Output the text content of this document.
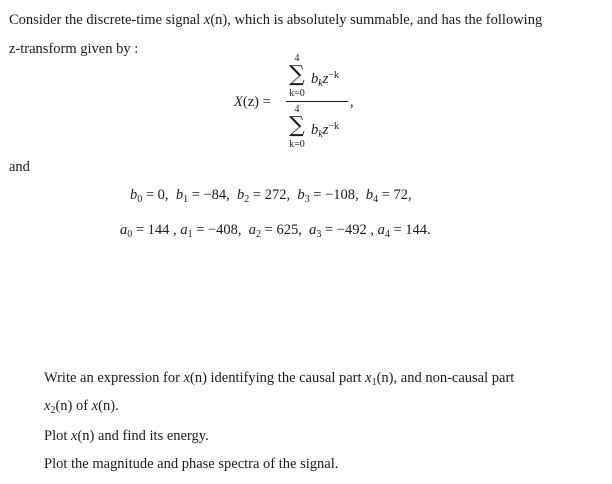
Consider the discrete-time signal x(n), which is absolutely summable, and has the following
z-transform given by :
X(z) =
4
∑
k=0
$b_kz^{-k}$
,
4
∑
k=0
$b_kz^{-k}$
and
$b_0 = 0$, $b_1 = -84$, $b_2 = 272$, $b_3 = -108$, $b_4 = 72$,
$a_0 = 144$ , $a_1 = -408$, $a_2 = 625$, $a_3 = -492$ , $a_4 = 144$.
Write an expression for x(n) identifying the causal part $x_1(n)$, and non-causal part
$x_2(n)$ of x(n).
Plot x(n) and find its energy.
Plot the magnitude and phase spectra of the signal.
